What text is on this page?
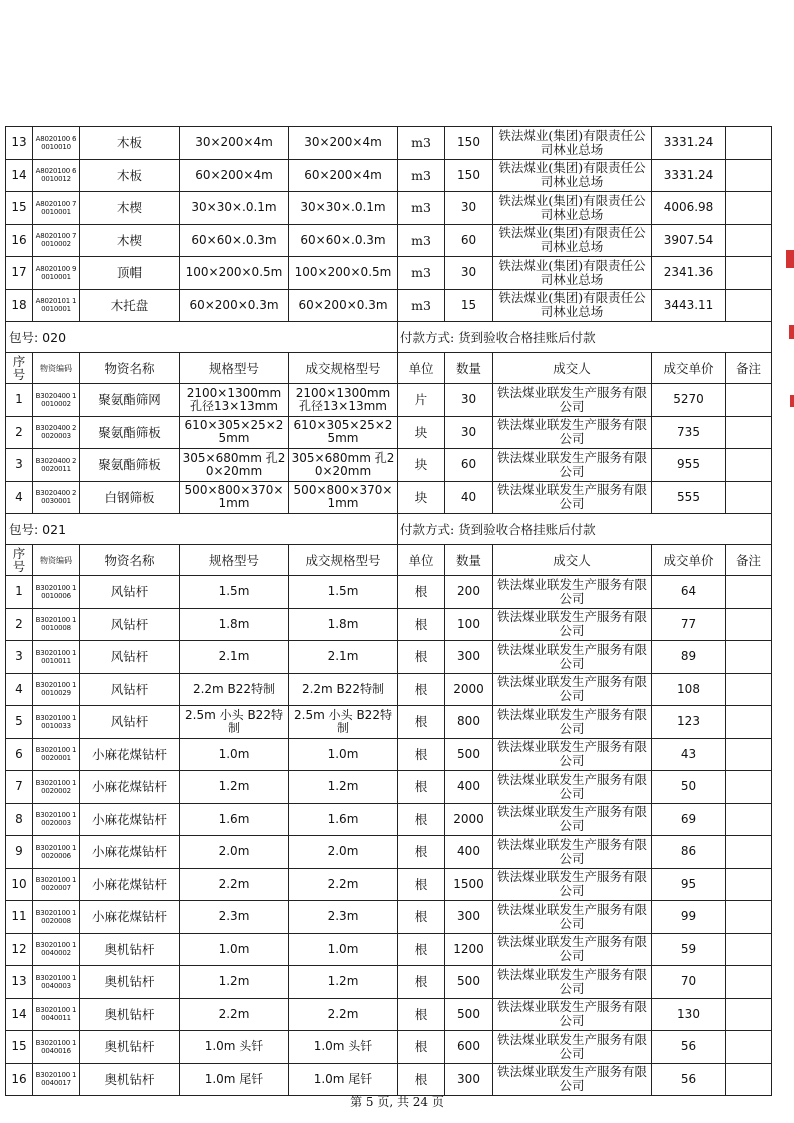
13	A8020100 60010010	木板	30×200×4m	30×200×4m	m3	150	铁法煤业(集团)有限责任公司林业总场	3331.24	
14	A8020100 60010012	木板	60×200×4m	60×200×4m	m3	150	铁法煤业(集团)有限责任公司林业总场	3331.24	
15	A8020100 70010001	木楔	30×30×.0.1m	30×30×.0.1m	m3	30	铁法煤业(集团)有限责任公司林业总场	4006.98	
16	A8020100 70010002	木楔	60×60×.0.3m	60×60×.0.3m	m3	60	铁法煤业(集团)有限责任公司林业总场	3907.54	
17	A8020100 90010001	顶帽	100×200×0.5m	100×200×0.5m	m3	30	铁法煤业(集团)有限责任公司林业总场	2341.36	
18	A8020101 10010001	木托盘	60×200×0.3m	60×200×0.3m	m3	15	铁法煤业(集团)有限责任公司林业总场	3443.11	
包号: 020					付款方式: 货到验收合格挂账后付款				
序号	物资编码	物资名称	规格型号	成交规格型号	单位	数量	成交人	成交单价	备注
1	B3020400 10010002	聚氨酯筛网	2100×1300mm孔径13×13mm	2100×1300mm孔径13×13mm	片	30	铁法煤业联发生产服务有限公司	5270	
2	B3020400 20020003	聚氨酯筛板	610×305×25×25mm	610×305×25×25mm	块	30	铁法煤业联发生产服务有限公司	735	
3	B3020400 20020011	聚氨酯筛板	305×680mm 孔20×20mm	305×680mm 孔20×20mm	块	60	铁法煤业联发生产服务有限公司	955	
4	B3020400 20030001	白钢筛板	500×800×370×1mm	500×800×370×1mm	块	40	铁法煤业联发生产服务有限公司	555	
包号: 021					付款方式: 货到验收合格挂账后付款				
序号	物资编码	物资名称	规格型号	成交规格型号	单位	数量	成交人	成交单价	备注
1	B3020100 10010006	风钻杆	1.5m	1.5m	根	200	铁法煤业联发生产服务有限公司	64	
2	B3020100 10010008	风钻杆	1.8m	1.8m	根	100	铁法煤业联发生产服务有限公司	77	
3	B3020100 10010011	风钻杆	2.1m	2.1m	根	300	铁法煤业联发生产服务有限公司	89	
4	B3020100 10010029	风钻杆	2.2m B22特制	2.2m B22特制	根	2000	铁法煤业联发生产服务有限公司	108	
5	B3020100 10010033	风钻杆	2.5m 小头 B22特制	2.5m 小头 B22特制	根	800	铁法煤业联发生产服务有限公司	123	
6	B3020100 10020001	小麻花煤钻杆	1.0m	1.0m	根	500	铁法煤业联发生产服务有限公司	43	
7	B3020100 10020002	小麻花煤钻杆	1.2m	1.2m	根	400	铁法煤业联发生产服务有限公司	50	
8	B3020100 10020003	小麻花煤钻杆	1.6m	1.6m	根	2000	铁法煤业联发生产服务有限公司	69	
9	B3020100 10020006	小麻花煤钻杆	2.0m	2.0m	根	400	铁法煤业联发生产服务有限公司	86	
10	B3020100 10020007	小麻花煤钻杆	2.2m	2.2m	根	1500	铁法煤业联发生产服务有限公司	95	
11	B3020100 10020008	小麻花煤钻杆	2.3m	2.3m	根	300	铁法煤业联发生产服务有限公司	99	
12	B3020100 10040002	奥机钻杆	1.0m	1.0m	根	1200	铁法煤业联发生产服务有限公司	59	
13	B3020100 10040003	奥机钻杆	1.2m	1.2m	根	500	铁法煤业联发生产服务有限公司	70	
14	B3020100 10040011	奥机钻杆	2.2m	2.2m	根	500	铁法煤业联发生产服务有限公司	130	
15	B3020100 10040016	奥机钻杆	1.0m 头钎	1.0m 头钎	根	600	铁法煤业联发生产服务有限公司	56	
16	B3020100 10040017	奥机钻杆	1.0m 尾钎	1.0m 尾钎	根	300	铁法煤业联发生产服务有限公司	56	
第 5 页, 共 24 页
